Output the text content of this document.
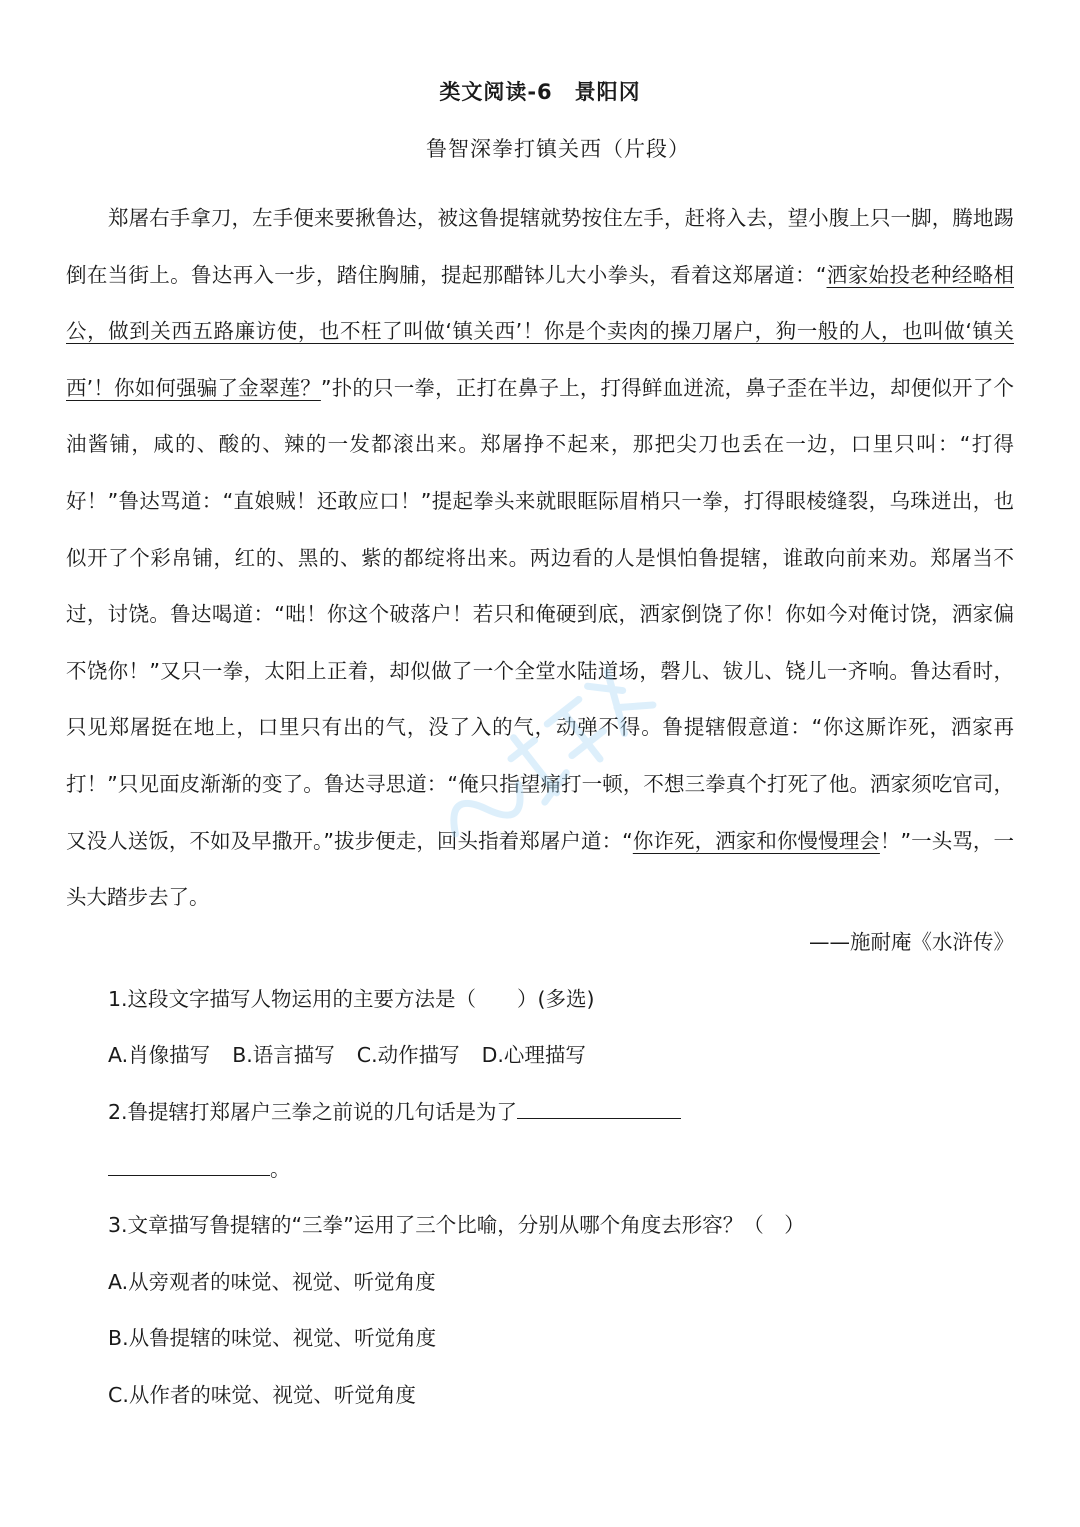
类文阅读-6 景阳冈
鲁智深拳打镇关西（片段）

郑屠右手拿刀，左手便来要揪鲁达，被这鲁提辖就势按住左手，赶将入去，望小腹上只一脚，腾地踢倒在当街上。鲁达再入一步，踏住胸脯，提起那醋钵儿大小拳头，看着这郑屠道：“洒家始投老种经略相公，做到关西五路廉访使，也不枉了叫做‘镇关西’！你是个卖肉的操刀屠户，狗一般的人，也叫做‘镇关西’！你如何强骗了金翠莲？”扑的只一拳，正打在鼻子上，打得鲜血迸流，鼻子歪在半边，却便似开了个油酱铺，咸的、酸的、辣的一发都滚出来。郑屠挣不起来，那把尖刀也丢在一边，口里只叫：“打得好！”鲁达骂道：“直娘贼！还敢应口！”提起拳头来就眼眶际眉梢只一拳，打得眼棱缝裂，乌珠迸出，也似开了个彩帛铺，红的、黑的、紫的都绽将出来。两边看的人是惧怕鲁提辖，谁敢向前来劝。郑屠当不过，讨饶。鲁达喝道：“咄！你这个破落户！若只和俺硬到底，洒家倒饶了你！你如今对俺讨饶，洒家偏不饶你！”又只一拳，太阳上正着，却似做了一个全堂水陆道场，磬儿、钹儿、铙儿一齐响。鲁达看时，只见郑屠挺在地上，口里只有出的气，没了入的气，动弹不得。鲁提辖假意道：“你这厮诈死，洒家再打！”只见面皮渐渐的变了。鲁达寻思道：“俺只指望痛打一顿，不想三拳真个打死了他。洒家须吃官司，又没人送饭，不如及早撒开。”拔步便走，回头指着郑屠户道：“你诈死，洒家和你慢慢理会！”一头骂，一头大踏步去了。

——施耐庵《水浒传》
1.这段文字描写人物运用的主要方法是（　　）(多选)
A.肖像描写 B.语言描写 C.动作描写 D.心理描写
2.鲁提辖打郑屠户三拳之前说的几句话是为了
。
3.文章描写鲁提辖的“三拳”运用了三个比喻，分别从哪个角度去形容？（　）
A.从旁观者的味觉、视觉、听觉角度
B.从鲁提辖的味觉、视觉、听觉角度
C.从作者的味觉、视觉、听觉角度
